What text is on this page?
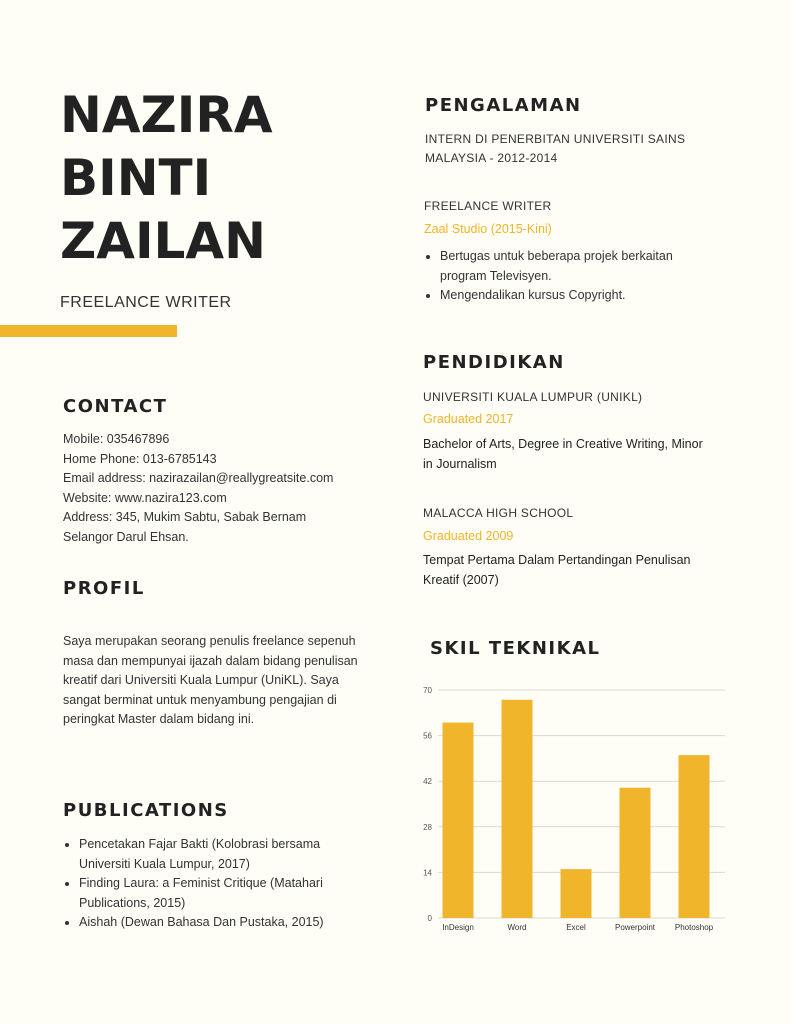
NAZIRA
BINTI
ZAILAN
FREELANCE WRITER
CONTACT
Mobile: 035467896
Home Phone: 013-6785143
Email address: nazirazailan@reallygreatsite.com
Website: www.nazira123.com
Address: 345, Mukim Sabtu, Sabak Bernam
Selangor Darul Ehsan.
PROFIL
Saya merupakan seorang penulis freelance sepenuh masa dan mempunyai ijazah dalam bidang penulisan kreatif dari Universiti Kuala Lumpur (UniKL). Saya sangat berminat untuk menyambung pengajian di peringkat Master dalam bidang ini.
PUBLICATIONS
• Pencetakan Fajar Bakti (Kolobrasi bersama Universiti Kuala Lumpur, 2017)
• Finding Laura: a Feminist Critique (Matahari Publications, 2015)
• Aishah (Dewan Bahasa Dan Pustaka, 2015)
PENGALAMAN
INTERN DI PENERBITAN UNIVERSITI SAINS MALAYSIA - 2012-2014
FREELANCE WRITER
Zaal Studio (2015-Kini)
• Bertugas untuk beberapa projek berkaitan program Televisyen.
• Mengendalikan kursus Copyright.
PENDIDIKAN
UNIVERSITI KUALA LUMPUR (UNIKL)
Graduated 2017
Bachelor of Arts, Degree in Creative Writing, Minor in Journalism
MALACCA HIGH SCHOOL
Graduated 2009
Tempat Pertama Dalam Pertandingan Penulisan Kreatif (2007)
SKIL TEKNIKAL
0
14
28
42
56
70
InDesign	Word	Excel	Powerpoint Photoshop
